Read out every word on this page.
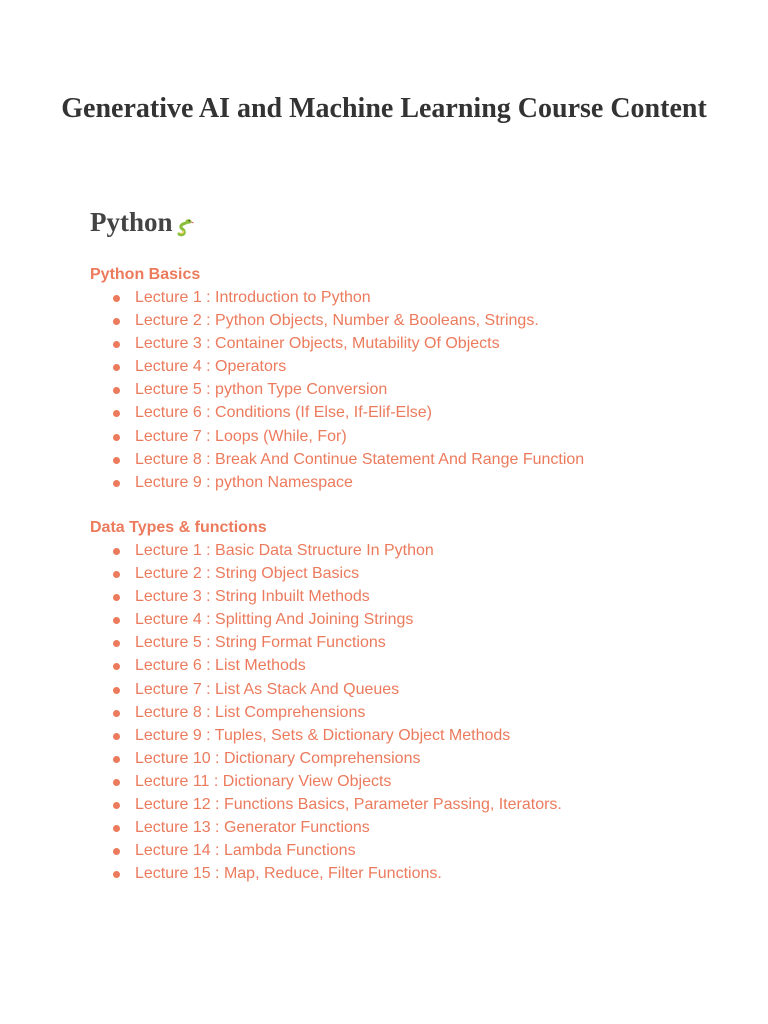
Generative AI and Machine Learning Course Content
Python
Python Basics
Lecture 1 : Introduction to Python
Lecture 2 : Python Objects, Number & Booleans, Strings.
Lecture 3 : Container Objects, Mutability Of Objects
Lecture 4 : Operators
Lecture 5 : python Type Conversion
Lecture 6 : Conditions (If Else, If-Elif-Else)
Lecture 7 : Loops (While, For)
Lecture 8 : Break And Continue Statement And Range Function
Lecture 9 : python Namespace
Data Types & functions
Lecture 1 : Basic Data Structure In Python
Lecture 2 : String Object Basics
Lecture 3 : String Inbuilt Methods
Lecture 4 : Splitting And Joining Strings
Lecture 5 : String Format Functions
Lecture 6 : List Methods
Lecture 7 : List As Stack And Queues
Lecture 8 : List Comprehensions
Lecture 9 : Tuples, Sets & Dictionary Object Methods
Lecture 10 : Dictionary Comprehensions
Lecture 11 : Dictionary View Objects
Lecture 12 : Functions Basics, Parameter Passing, Iterators.
Lecture 13 : Generator Functions
Lecture 14 : Lambda Functions
Lecture 15 : Map, Reduce, Filter Functions.
